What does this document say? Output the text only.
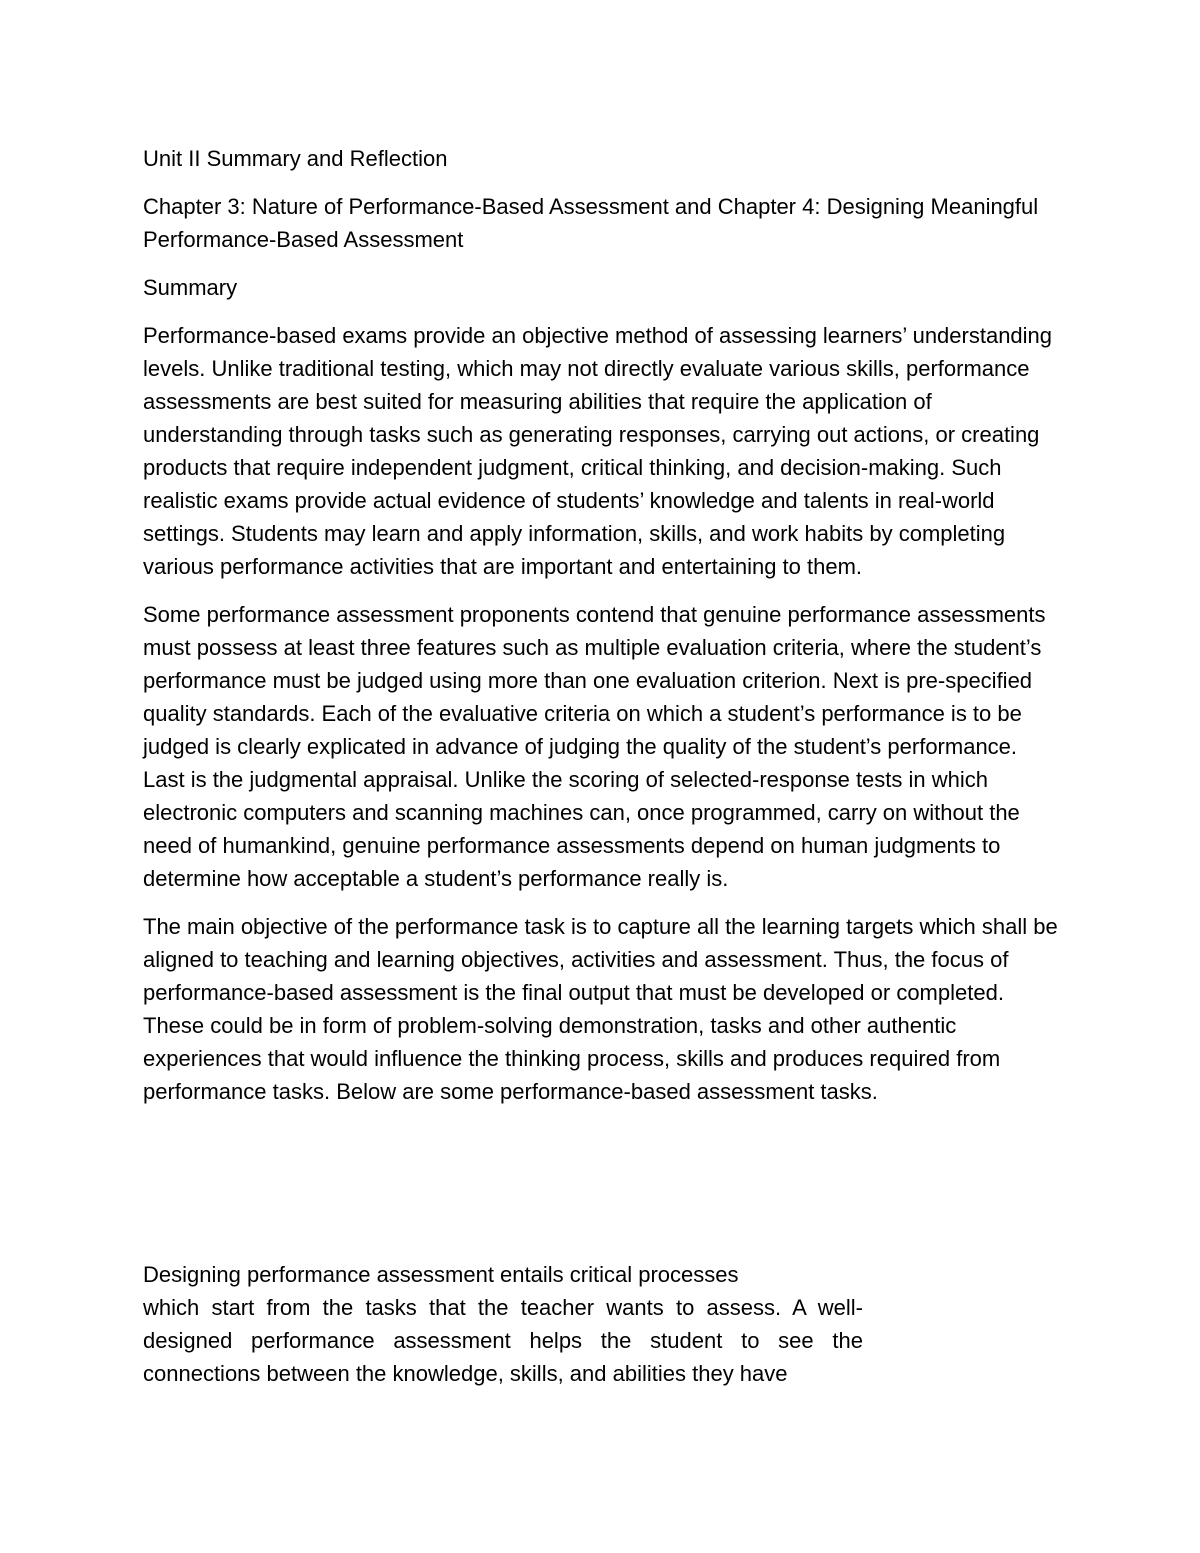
Unit II Summary and Reflection

Chapter 3: Nature of Performance-Based Assessment and Chapter 4: Designing Meaningful Performance-Based Assessment

Summary

Performance-based exams provide an objective method of assessing learners’ understanding levels. Unlike traditional testing, which may not directly evaluate various skills, performance assessments are best suited for measuring abilities that require the application of understanding through tasks such as generating responses, carrying out actions, or creating products that require independent judgment, critical thinking, and decision-making. Such realistic exams provide actual evidence of students’ knowledge and talents in real-world settings. Students may learn and apply information, skills, and work habits by completing various performance activities that are important and entertaining to them.

Some performance assessment proponents contend that genuine performance assessments must possess at least three features such as multiple evaluation criteria, where the student’s performance must be judged using more than one evaluation criterion. Next is pre-specified quality standards. Each of the evaluative criteria on which a student’s performance is to be judged is clearly explicated in advance of judging the quality of the student’s performance. Last is the judgmental appraisal. Unlike the scoring of selected-response tests in which electronic computers and scanning machines can, once programmed, carry on without the need of humankind, genuine performance assessments depend on human judgments to determine how acceptable a student’s performance really is.

The main objective of the performance task is to capture all the learning targets which shall be aligned to teaching and learning objectives, activities and assessment. Thus, the focus of performance-based assessment is the final output that must be developed or completed. These could be in form of problem-solving demonstration, tasks and other authentic experiences that would influence the thinking process, skills and produces required from performance tasks. Below are some performance-based assessment tasks.

Designing performance assessment entails critical processes
which start from the tasks that the teacher wants to assess. A well-designed performance assessment helps the student to see the connections between the knowledge, skills, and abilities they have
